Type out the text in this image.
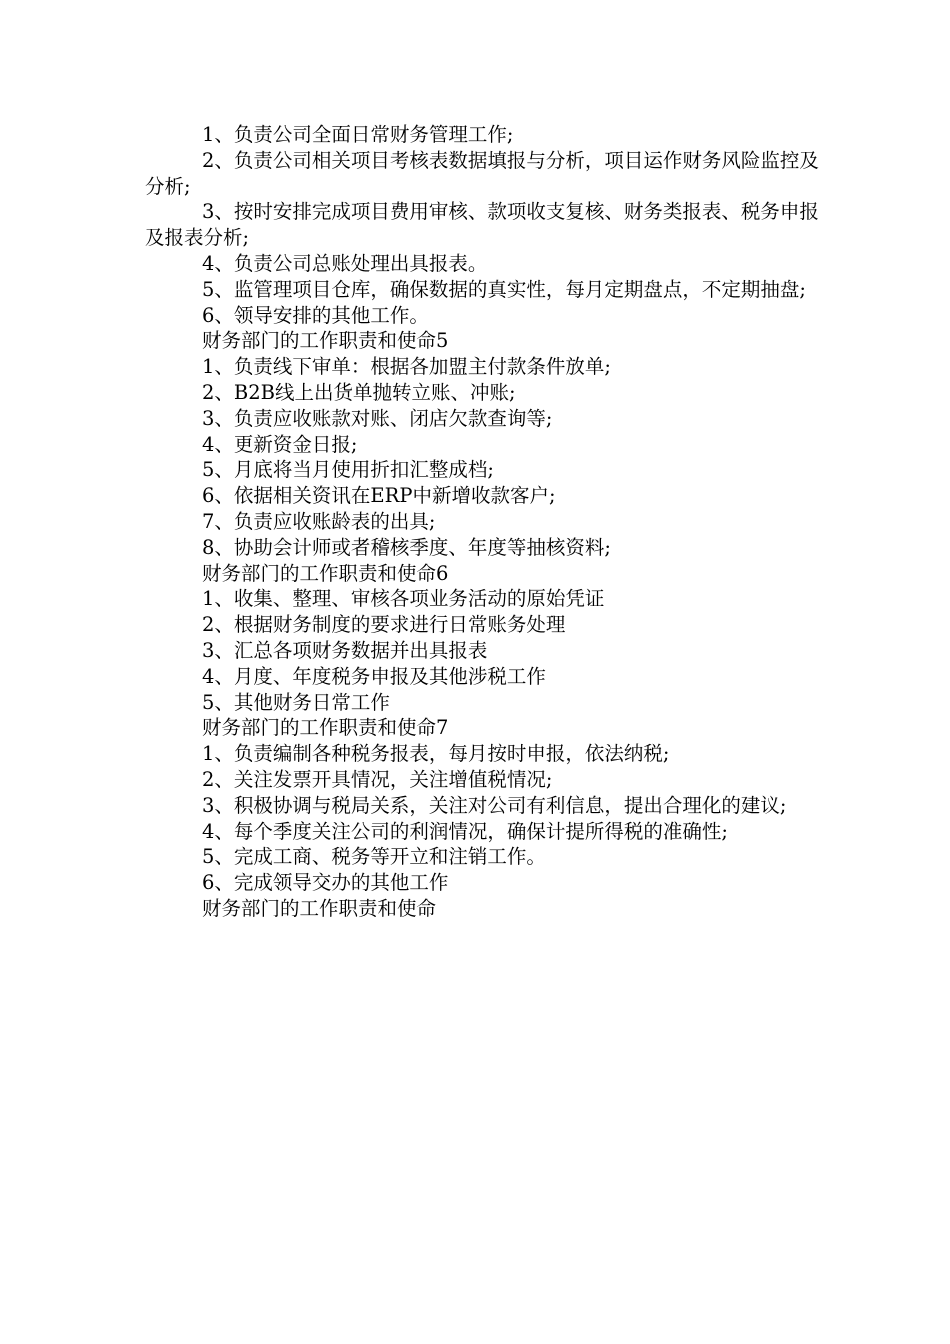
1、负责公司全面日常财务管理工作;

2、负责公司相关项目考核表数据填报与分析，项目运作财务风险监控及分析;

3、按时安排完成项目费用审核、款项收支复核、财务类报表、税务申报及报表分析;

4、负责公司总账处理出具报表。

5、监管理项目仓库，确保数据的真实性，每月定期盘点，不定期抽盘;

6、领导安排的其他工作。

财务部门的工作职责和使命5

1、负责线下审单：根据各加盟主付款条件放单;

2、B2B线上出货单抛转立账、冲账;

3、负责应收账款对账、闭店欠款查询等;

4、更新资金日报;

5、月底将当月使用折扣汇整成档;

6、依据相关资讯在ERP中新增收款客户;

7、负责应收账龄表的出具;

8、协助会计师或者稽核季度、年度等抽核资料;

财务部门的工作职责和使命6

1、收集、整理、审核各项业务活动的原始凭证

2、根据财务制度的要求进行日常账务处理

3、汇总各项财务数据并出具报表

4、月度、年度税务申报及其他涉税工作

5、其他财务日常工作

财务部门的工作职责和使命7

1、负责编制各种税务报表，每月按时申报，依法纳税;

2、关注发票开具情况，关注增值税情况;

3、积极协调与税局关系，关注对公司有利信息，提出合理化的建议;

4、每个季度关注公司的利润情况，确保计提所得税的准确性;

5、完成工商、税务等开立和注销工作。

6、完成领导交办的其他工作

财务部门的工作职责和使命
